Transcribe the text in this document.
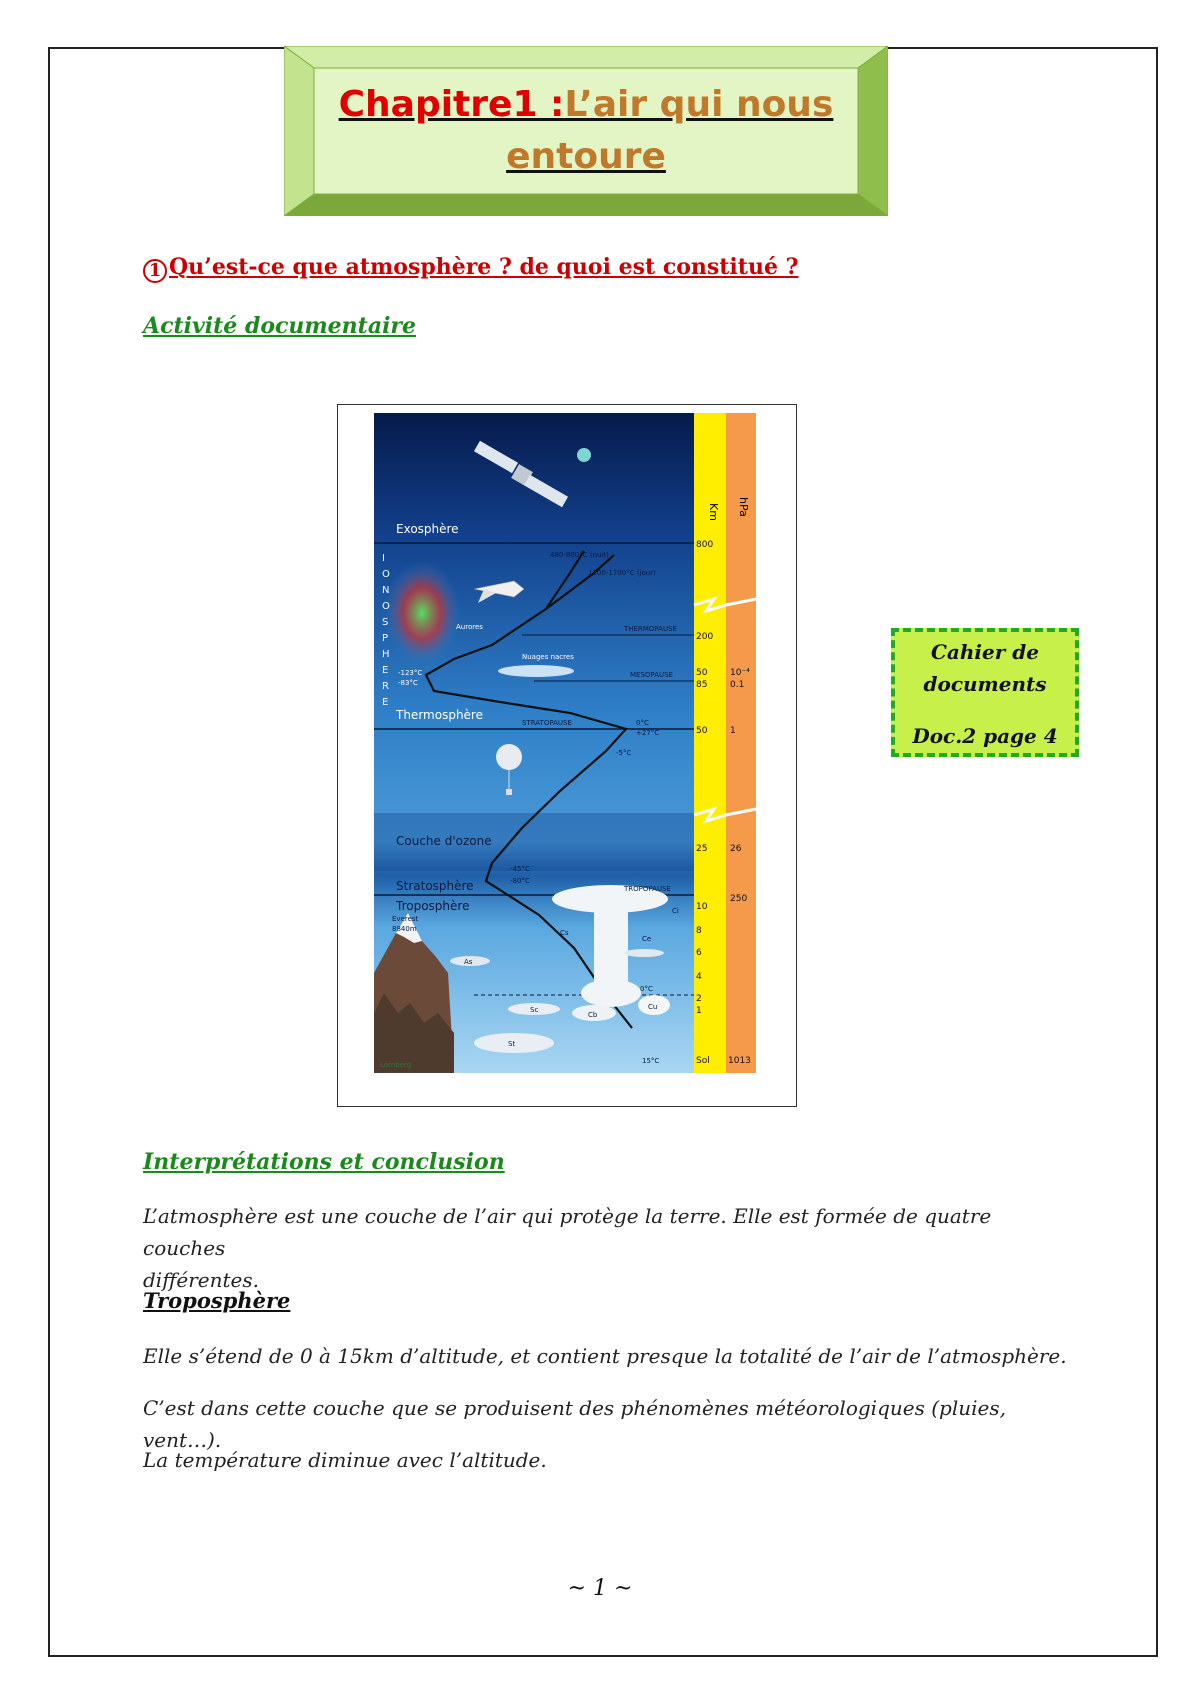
Chapitre1 :L’air qui nous
entoure
1 Qu’est-ce que atmosphère ? de quoi est constitué ?
Activité documentaire
Km hPa
Exosphère
Thermosphère
Couche d'ozone
Stratosphère
Troposphère
I
O
N
O
S
P
H
E
R
E
THERMOPAUSE
MESOPAUSE
STRATOPAUSE
TROPOPAUSE
480-800°C (nuit)
1200-1700°C (jour)
Aurores
Nuages nacres
-123°C
-83°C
0°C
+27°C
-5°C
-45°C
-80°C
0°C
15°C
Everest
8840m
Lornberg
Cs
Ce
As
Sc
Cb
Cu
St
Ci
800
200
50
85
50
25
10
8
6
4
2
1
Sol
10⁻⁴
0.1
1
26
250
1013
Cahier de
documents
Doc.2 page 4
Interprétations et conclusion
L’atmosphère est une couche de l’air qui protège la terre. Elle est formée de quatre couches
différentes.
Troposphère
Elle s’étend de 0 à 15km d’altitude, et contient presque la totalité de l’air de l’atmosphère.
C’est dans cette couche que se produisent des phénomènes météorologiques (pluies, vent…).
La température diminue avec l’altitude.
~ 1 ~
